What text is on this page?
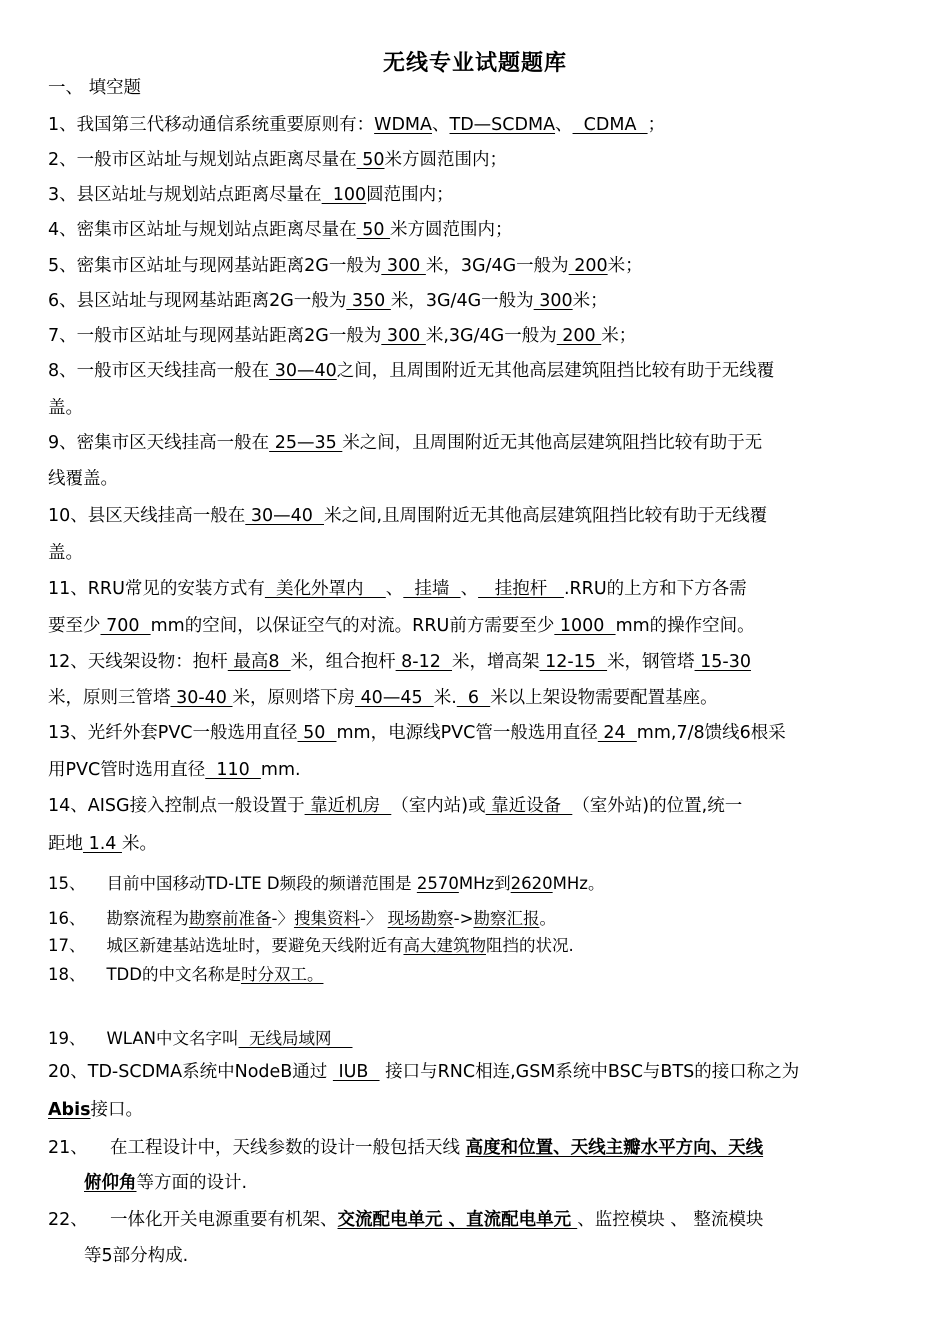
无线专业试题题库
一、 填空题
1、我国第三代移动通信系统重要原则有：WDMA、TD—SCDMA、  CDMA  ；
2、一般市区站址与规划站点距离尽量在 50米方圆范围内；
3、县区站址与规划站点距离尽量在  100圆范围内；
4、密集市区站址与规划站点距离尽量在 50 米方圆范围内；
5、密集市区站址与现网基站距离2G一般为 300 米，3G/4G一般为 200米；
6、县区站址与现网基站距离2G一般为 350 米，3G/4G一般为 300米；
7、一般市区站址与现网基站距离2G一般为 300 米,3G/4G一般为 200 米；
8、一般市区天线挂高一般在 30—40之间，且周围附近无其他高层建筑阻挡比较有助于无线覆
盖。
9、密集市区天线挂高一般在 25—35 米之间，且周围附近无其他高层建筑阻挡比较有助于无
线覆盖。
10、县区天线挂高一般在 30—40  米之间,且周围附近无其他高层建筑阻挡比较有助于无线覆
盖。
11、RRU常见的安装方式有  美化外罩内    、  挂墙  、   挂抱杆   .RRU的上方和下方各需
要至少 700  mm的空间，以保证空气的对流。RRU前方需要至少 1000  mm的操作空间。
12、天线架设物：抱杆 最高8  米，组合抱杆 8-12  米，增高架 12-15  米，钢管塔 15-30
米，原则三管塔 30-40 米，原则塔下房 40—45  米.  6  米以上架设物需要配置基座。
13、光纤外套PVC一般选用直径 50  mm，电源线PVC管一般选用直径 24  mm,7/8馈线6根采
用PVC管时选用直径  110  mm.
14、AISG接入控制点一般设置于 靠近机房  （室内站)或 靠近设备  （室外站)的位置,统一
距地 1.4 米。
15、    目前中国移动TD-LTE D频段的频谱范围是 2570MHz到2620MHz。
16、    勘察流程为勘察前准备-〉搜集资料-〉 现场勘察->勘察汇报。
17、    城区新建基站选址时，要避免天线附近有高大建筑物阻挡的状况.
18、    TDD的中文名称是时分双工。
19、    WLAN中文名字叫  无线局域网
20、TD-SCDMA系统中NodeB通过  IUB   接口与RNC相连,GSM系统中BSC与BTS的接口称之为
Abis接口。
21、    在工程设计中，天线参数的设计一般包括天线 高度和位置、天线主瓣水平方向、天线
俯仰角等方面的设计.
22、    一体化开关电源重要有机架、交流配电单元 、直流配电单元 、监控模块 、 整流模块
等5部分构成.
